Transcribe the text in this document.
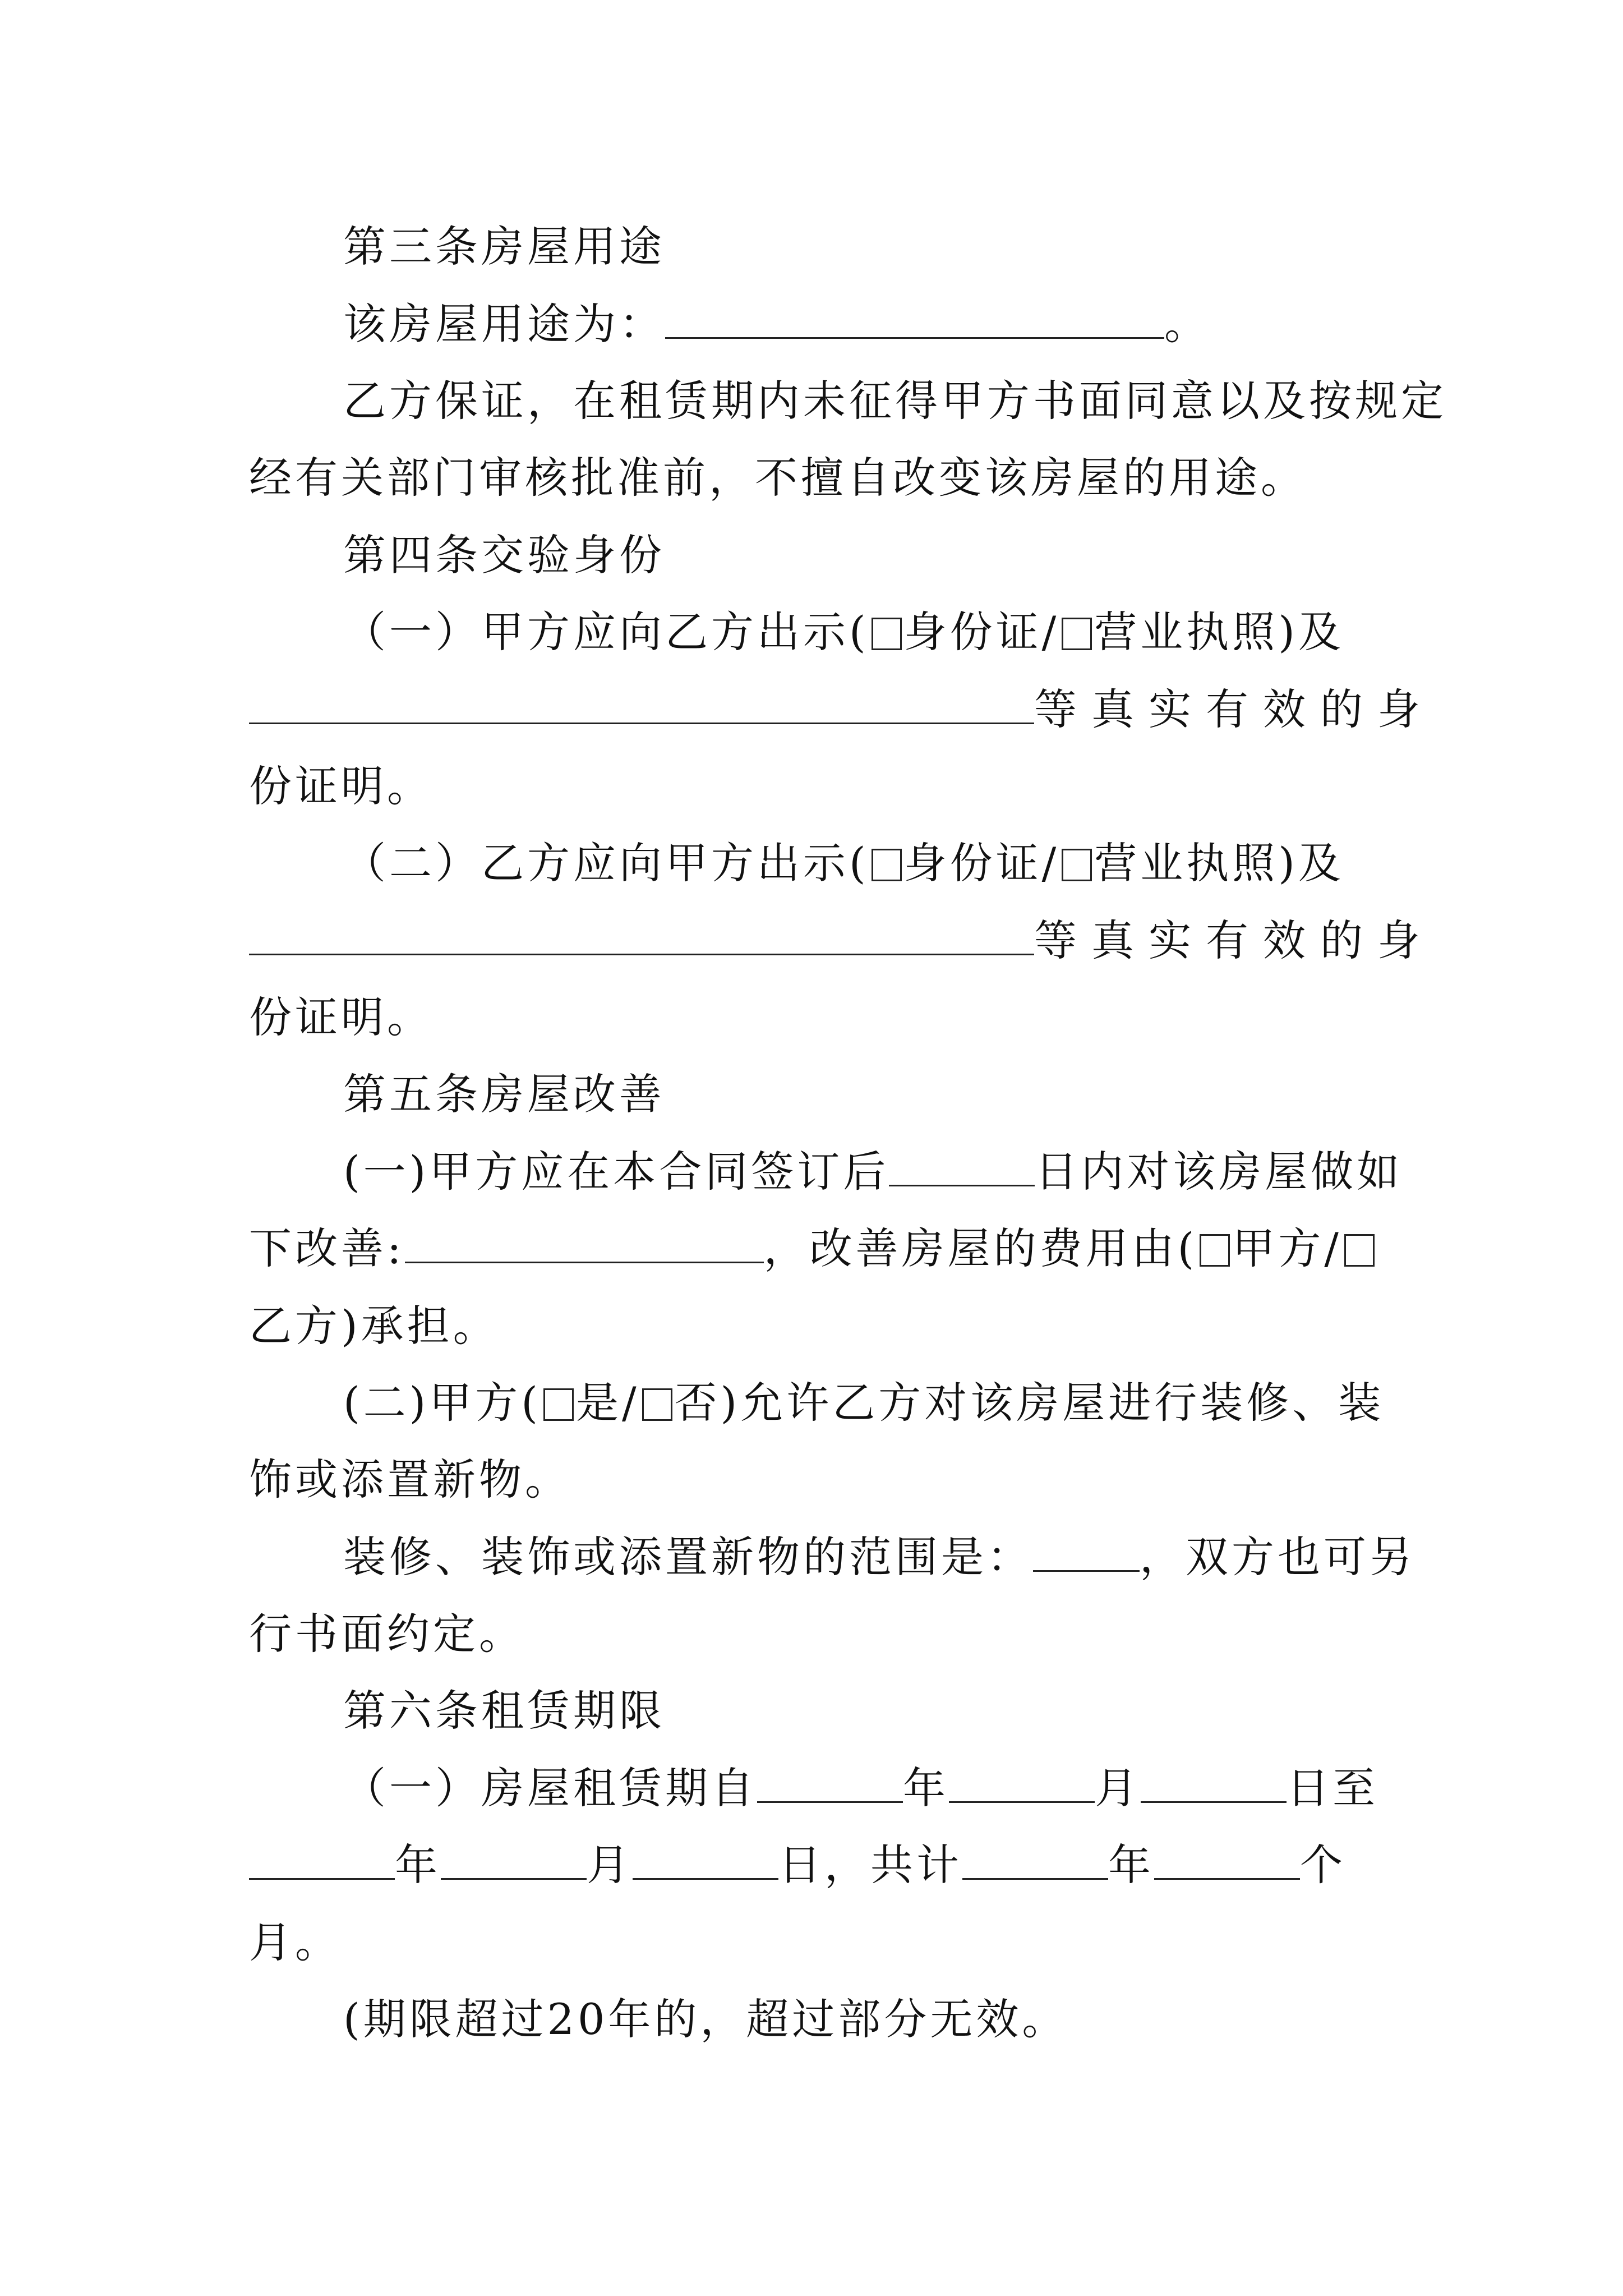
第三条房屋用途
该房屋用途为：	。
乙方保证，在租赁期内未征得甲方书面同意以及按规定
经有关部门审核批准前，不擅自改变该房屋的用途。
第四条交验身份
（一）甲方应向乙方出示( 身份证/ 营业执照)及
等真实有效的身
份证明。
（二）乙方应向甲方出示( 身份证/ 营业执照)及
等真实有效的身
份证明。
第五条房屋改善
(一)甲方应在本合同签订后	日内对该房屋做如
下改善:	，改善房屋的费用由( 甲方/
乙方)承担。
(二)甲方( 是/ 否)允许乙方对该房屋进行装修、装
饰或添置新物。
装修、装饰或添置新物的范围是：	，双方也可另
行书面约定。
第六条租赁期限
（一）房屋租赁期自	年	月	日至
年	月	日，共计	年	个
月。
(期限超过20年的，超过部分无效。
